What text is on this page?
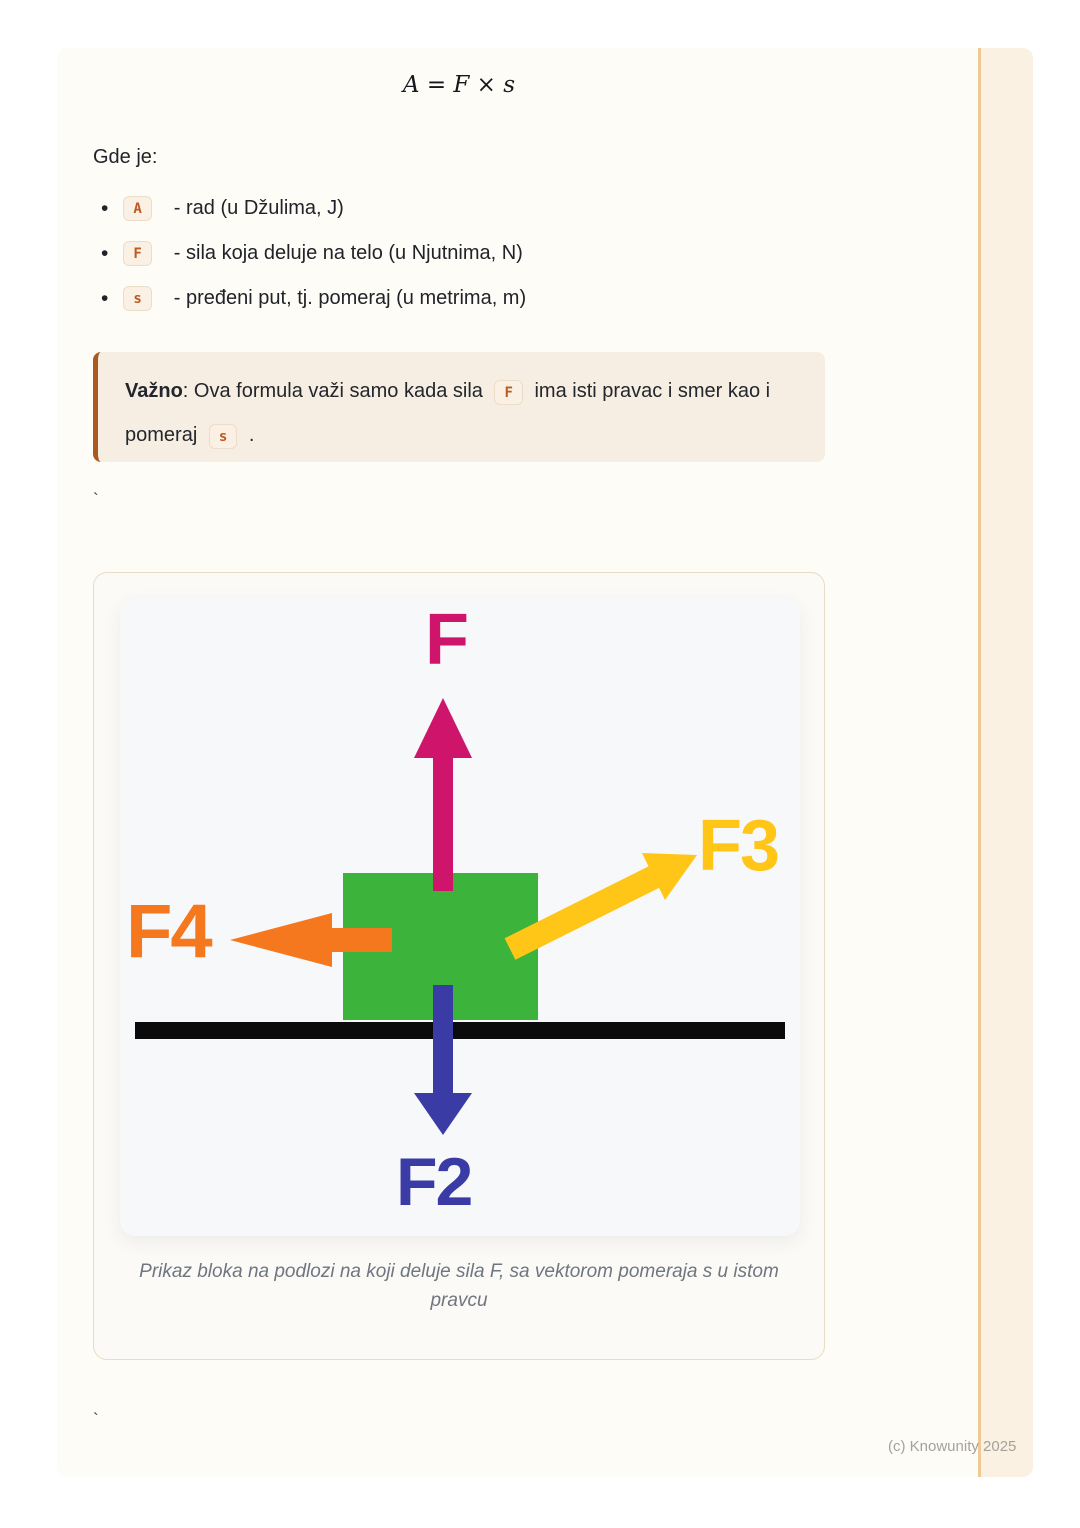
A = F × s
Gde je:
•	A	- rad (u Džulima, J)
•	F	- sila koja deluje na telo (u Njutnima, N)
•	s	- pređeni put, tj. pomeraj (u metrima, m)
Važno: Ova formula važi samo kada sila F ima isti pravac i smer kao i pomeraj s .
`
F
F3
F4
F2
Prikaz bloka na podlozi na koji deluje sila F, sa vektorom pomeraja s u istom pravcu
`
(c) Knowunity 2025
